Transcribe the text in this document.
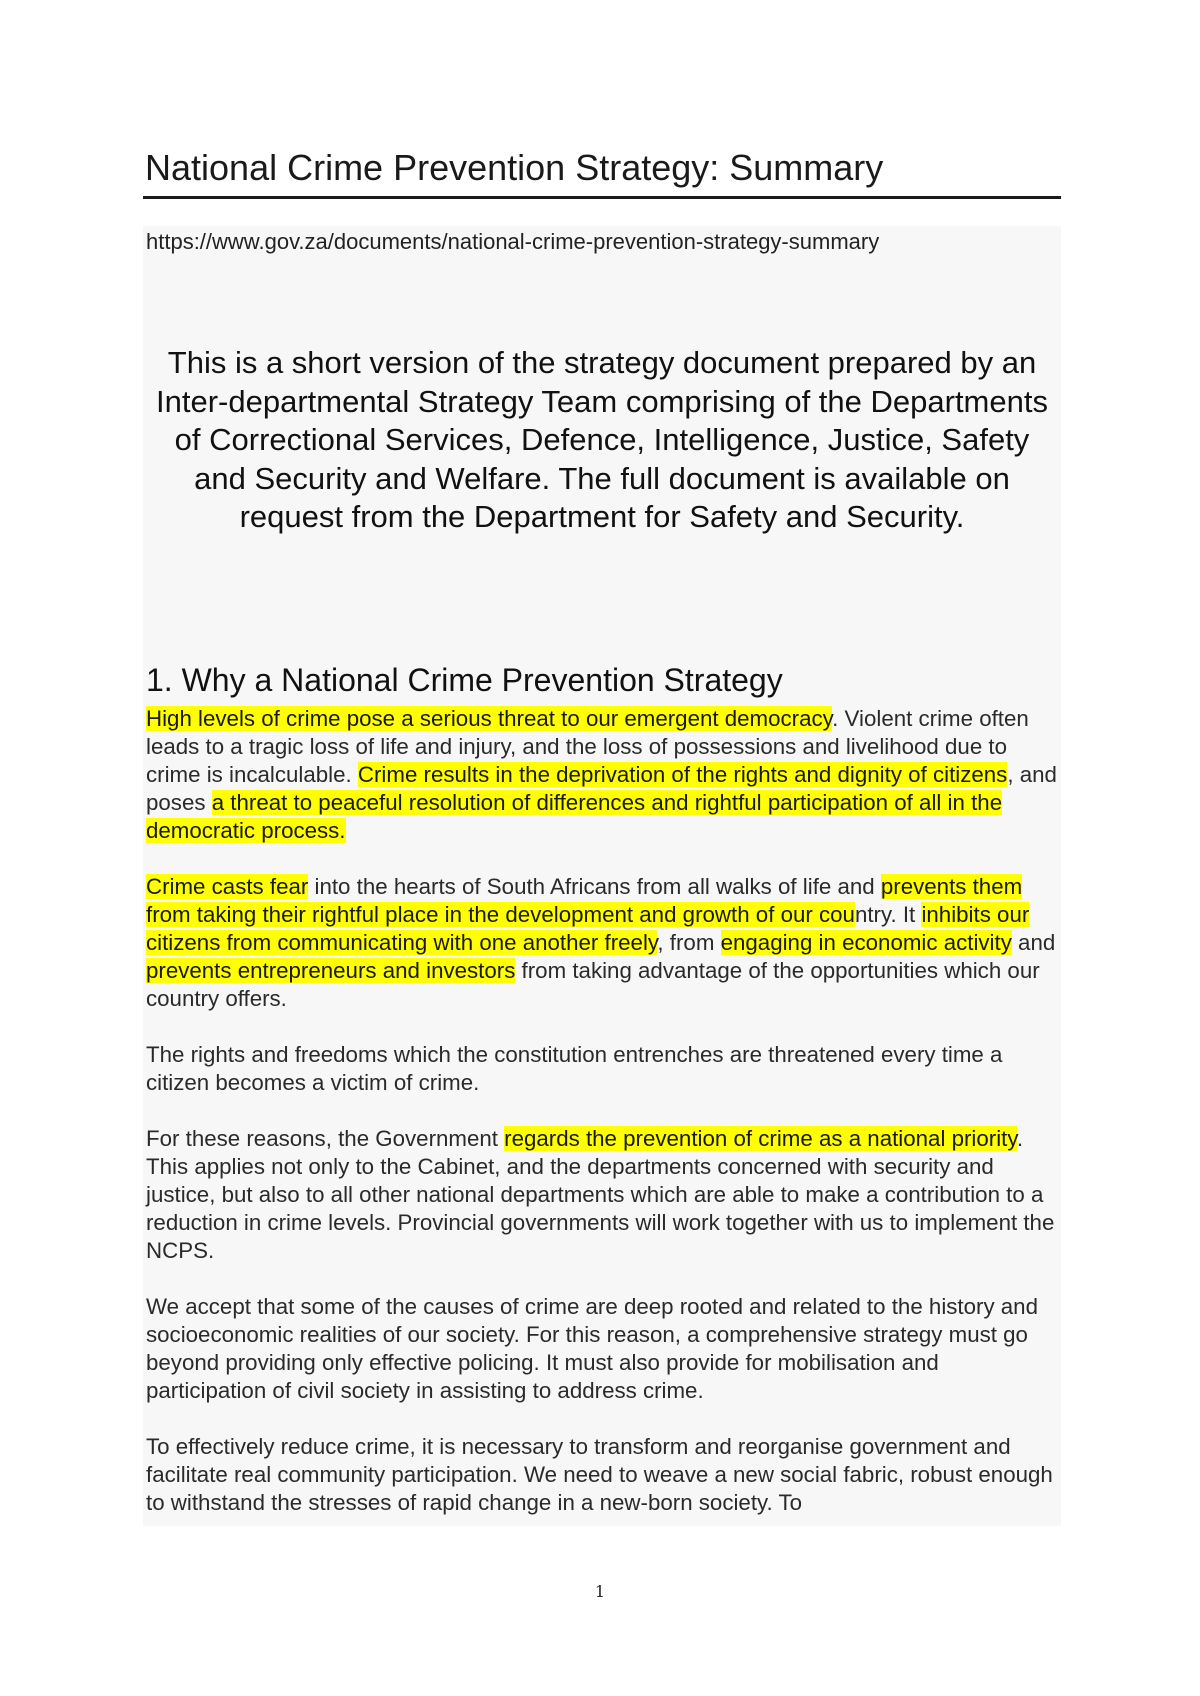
National Crime Prevention Strategy: Summary
https://www.gov.za/documents/national-crime-prevention-strategy-summary

This is a short version of the strategy document prepared by an Inter-departmental Strategy Team comprising of the Departments of Correctional Services, Defence, Intelligence, Justice, Safety and Security and Welfare. The full document is available on request from the Department for Safety and Security.

1. Why a National Crime Prevention Strategy

High levels of crime pose a serious threat to our emergent democracy. Violent crime often leads to a tragic loss of life and injury, and the loss of possessions and livelihood due to crime is incalculable. Crime results in the deprivation of the rights and dignity of citizens, and poses a threat to peaceful resolution of differences and rightful participation of all in the democratic process.

Crime casts fear into the hearts of South Africans from all walks of life and prevents them from taking their rightful place in the development and growth of our country. It inhibits our citizens from communicating with one another freely, from engaging in economic activity and prevents entrepreneurs and investors from taking advantage of the opportunities which our country offers.

The rights and freedoms which the constitution entrenches are threatened every time a citizen becomes a victim of crime.

For these reasons, the Government regards the prevention of crime as a national priority. This applies not only to the Cabinet, and the departments concerned with security and justice, but also to all other national departments which are able to make a contribution to a reduction in crime levels. Provincial governments will work together with us to implement the NCPS.

We accept that some of the causes of crime are deep rooted and related to the history and socioeconomic realities of our society. For this reason, a comprehensive strategy must go beyond providing only effective policing. It must also provide for mobilisation and participation of civil society in assisting to address crime.

To effectively reduce crime, it is necessary to transform and reorganise government and facilitate real community participation. We need to weave a new social fabric, robust enough to withstand the stresses of rapid change in a new-born society. To

1
